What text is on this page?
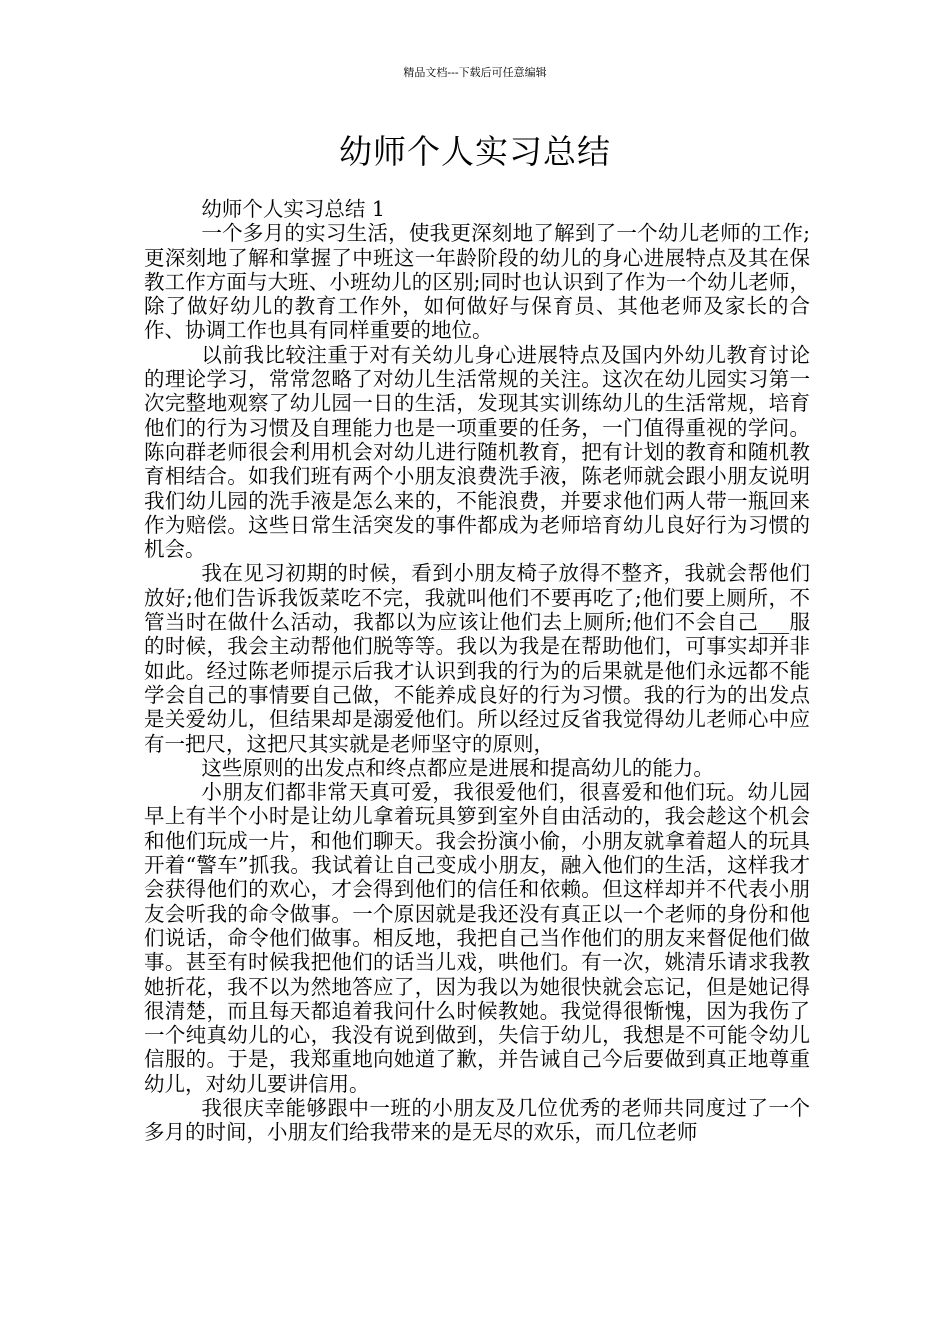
精品文档---下载后可任意编辑
幼师个人实习总结

幼师个人实习总结 1

一个多月的实习生活，使我更深刻地了解到了一个幼儿老师的工作;更深刻地了解和掌握了中班这一年龄阶段的幼儿的身心进展特点及其在保教工作方面与大班、小班幼儿的区别;同时也认识到了作为一个幼儿老师，除了做好幼儿的教育工作外，如何做好与保育员、其他老师及家长的合作、协调工作也具有同样重要的地位。

以前我比较注重于对有关幼儿身心进展特点及国内外幼儿教育讨论的理论学习，常常忽略了对幼儿生活常规的关注。这次在幼儿园实习第一次完整地观察了幼儿园一日的生活，发现其实训练幼儿的生活常规，培育他们的行为习惯及自理能力也是一项重要的任务，一门值得重视的学问。陈向群老师很会利用机会对幼儿进行随机教育，把有计划的教育和随机教育相结合。如我们班有两个小朋友浪费洗手液，陈老师就会跟小朋友说明我们幼儿园的洗手液是怎么来的，不能浪费，并要求他们两人带一瓶回来作为赔偿。这些日常生活突发的事件都成为老师培育幼儿良好行为习惯的机会。

我在见习初期的时候，看到小朋友椅子放得不整齐，我就会帮他们放好;他们告诉我饭菜吃不完，我就叫他们不要再吃了;他们要上厕所，不管当时在做什么活动，我都以为应该让他们去上厕所;他们不会自己___服的时候，我会主动帮他们脱等等。我以为我是在帮助他们，可事实却并非如此。经过陈老师提示后我才认识到我的行为的后果就是他们永远都不能学会自己的事情要自己做，不能养成良好的行为习惯。我的行为的出发点是关爱幼儿，但结果却是溺爱他们。所以经过反省我觉得幼儿老师心中应有一把尺，这把尺其实就是老师坚守的原则，

这些原则的出发点和终点都应是进展和提高幼儿的能力。

小朋友们都非常天真可爱，我很爱他们，很喜爱和他们玩。幼儿园早上有半个小时是让幼儿拿着玩具箩到室外自由活动的，我会趁这个机会和他们玩成一片，和他们聊天。我会扮演小偷，小朋友就拿着超人的玩具开着“警车”抓我。我试着让自己变成小朋友，融入他们的生活，这样我才会获得他们的欢心，才会得到他们的信任和依赖。但这样却并不代表小朋友会听我的命令做事。一个原因就是我还没有真正以一个老师的身份和他们说话，命令他们做事。相反地，我把自己当作他们的朋友来督促他们做事。甚至有时候我把他们的话当儿戏，哄他们。有一次，姚清乐请求我教她折花，我不以为然地答应了，因为我以为她很快就会忘记，但是她记得很清楚，而且每天都追着我问什么时候教她。我觉得很惭愧，因为我伤了一个纯真幼儿的心，我没有说到做到，失信于幼儿，我想是不可能令幼儿信服的。于是，我郑重地向她道了歉，并告诫自己今后要做到真正地尊重幼儿，对幼儿要讲信用。

我很庆幸能够跟中一班的小朋友及几位优秀的老师共同度过了一个多月的时间，小朋友们给我带来的是无尽的欢乐，而几位老师
